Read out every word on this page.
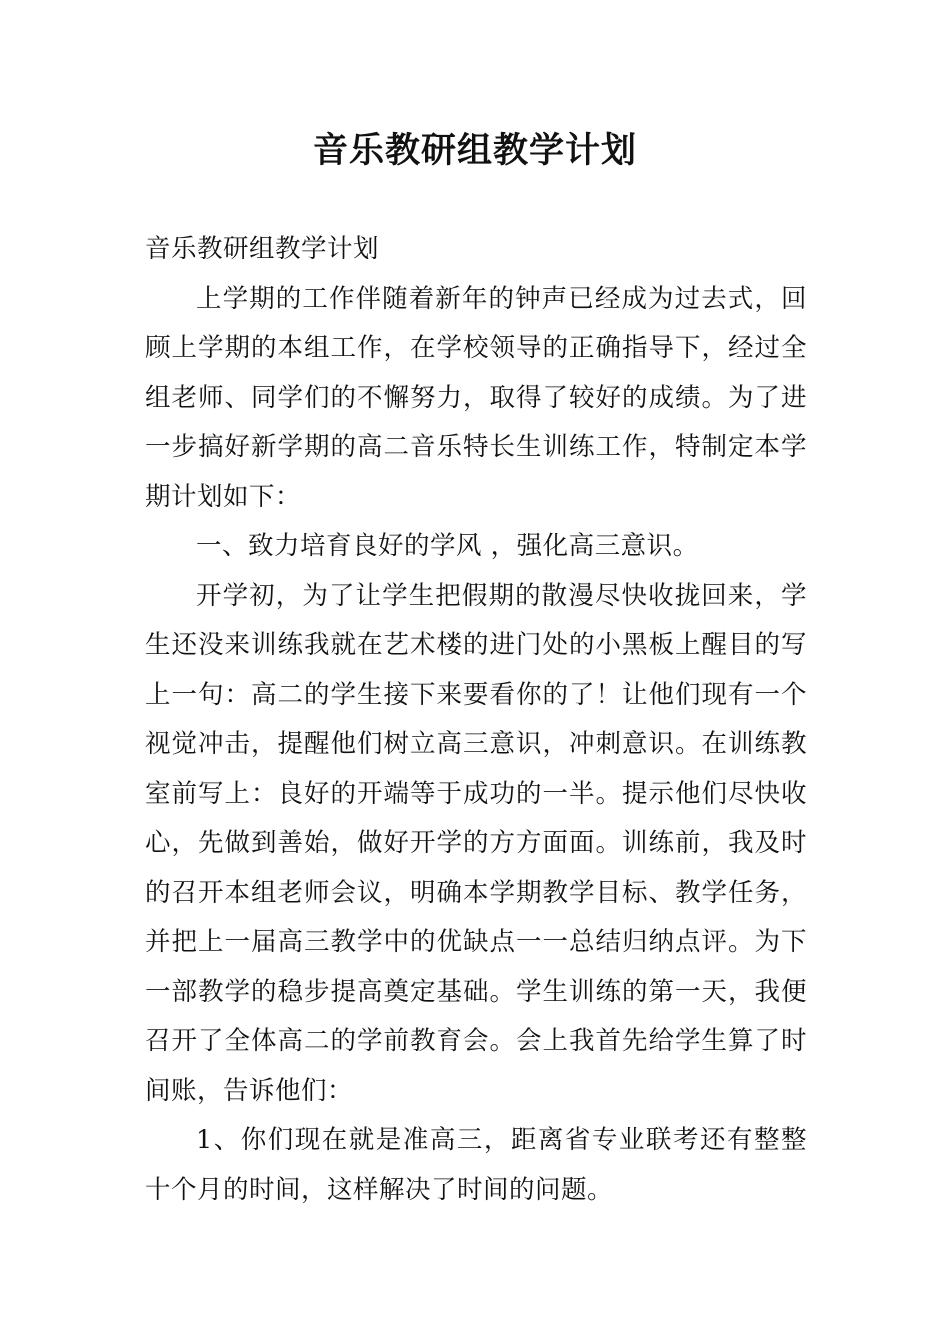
音乐教研组教学计划

音乐教研组教学计划

上学期的工作伴随着新年的钟声已经成为过去式，回顾上学期的本组工作，在学校领导的正确指导下，经过全组老师、同学们的不懈努力，取得了较好的成绩。为了进一步搞好新学期的高二音乐特长生训练工作，特制定本学期计划如下：

一、致力培育良好的学风 ，强化高三意识。

开学初，为了让学生把假期的散漫尽快收拢回来，学生还没来训练我就在艺术楼的进门处的小黑板上醒目的写上一句：高二的学生接下来要看你的了！让他们现有一个视觉冲击，提醒他们树立高三意识，冲刺意识。在训练教室前写上：良好的开端等于成功的一半。提示他们尽快收心，先做到善始，做好开学的方方面面。训练前，我及时的召开本组老师会议，明确本学期教学目标、教学任务，并把上一届高三教学中的优缺点一一总结归纳点评。为下一部教学的稳步提高奠定基础。学生训练的第一天，我便召开了全体高二的学前教育会。会上我首先给学生算了时间账，告诉他们：

1、你们现在就是准高三，距离省专业联考还有整整十个月的时间，这样解决了时间的问题。
